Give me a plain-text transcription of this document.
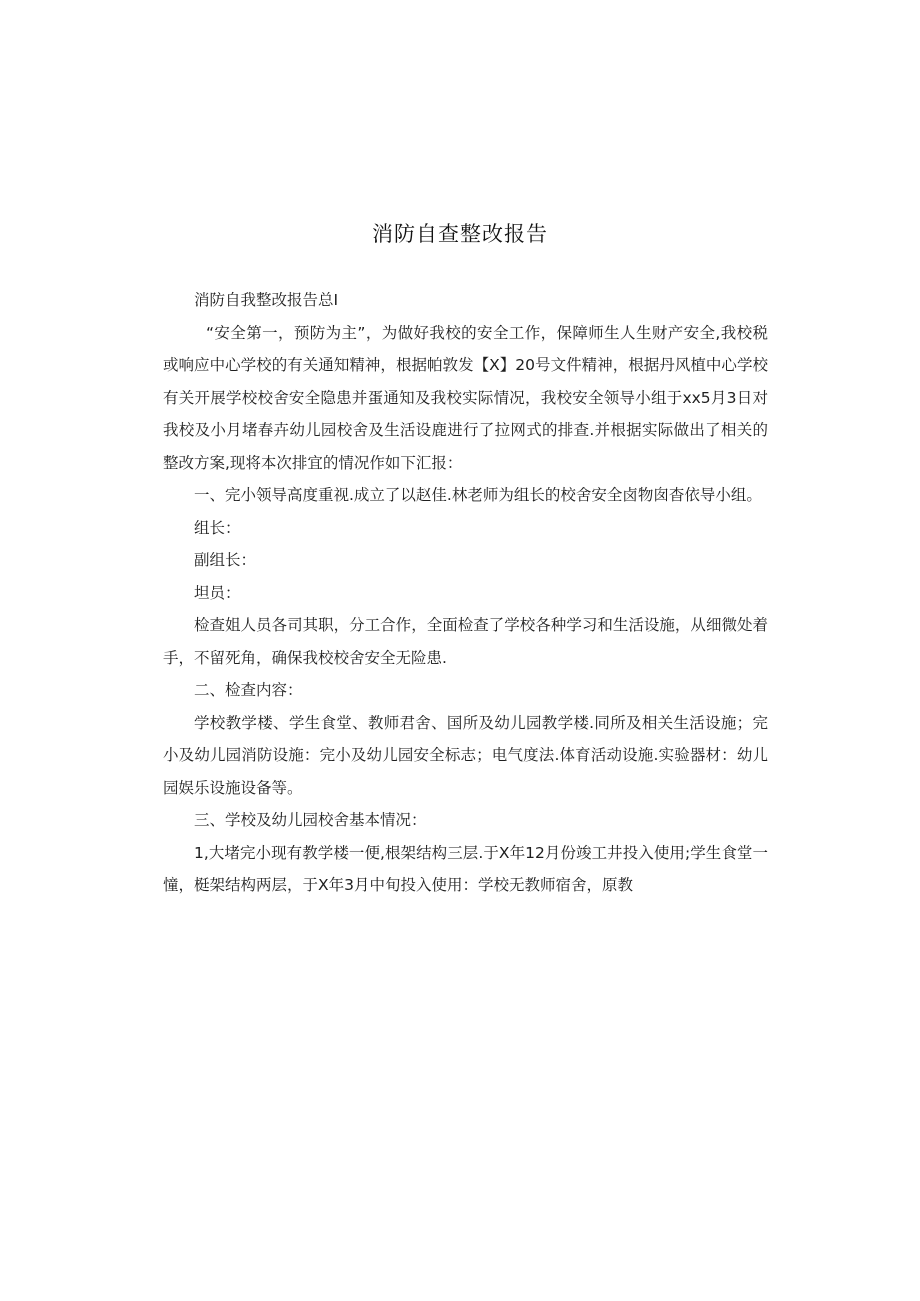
消防自查整改报告

消防自我整改报告总I

“安全第一，预防为主”，为做好我校的安全工作，保障师生人生财产安全,我校税或响应中心学校的有关通知精神，根据帕敦发【X】20号文件精神，根据丹风植中心学校有关开展学校校舍安全隐患并蛋通知及我校实际情况，我校安全领导小组于xx5月3日对我校及小月堵春卉幼儿园校舍及生活设鹿进行了拉网式的排查.并根据实际做出了相关的整改方案,现将本次排宜的情况作如下汇报：

一、完小领导高度重视.成立了以赵佳.林老师为组长的校舍安全卤物囱杳依导小组。

组长：

副组长：

坦员：

检查姐人员各司其职，分工合作，全面检查了学校各种学习和生活设施，从细微处着手，不留死角，确保我校校舍安全无险患.

二、检查内容：

学校教学楼、学生食堂、教师君舍、国所及幼儿园教学楼.同所及相关生活设施；完小及幼儿园消防设施：完小及幼儿园安全标志；电气度法.体育活动设施.实验器材：幼儿园娱乐设施设备等。

三、学校及幼儿园校舍基本情况：

1,大堵完小现有教学楼一便,根架结构三层.于X年12月份竣工井投入使用;学生食堂一憧，梃架结构两层，于X年3月中旬投入使用：学校无教师宿舍，原教
